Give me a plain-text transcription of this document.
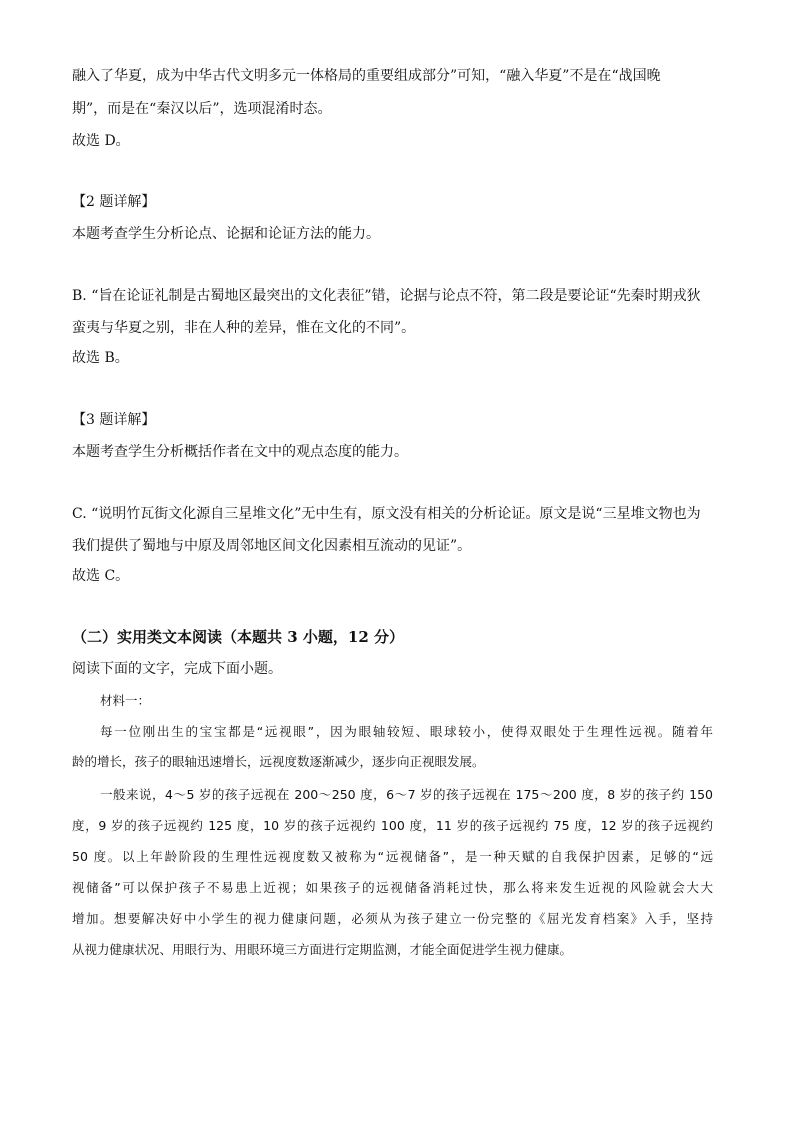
融入了华夏，成为中华古代文明多元一体格局的重要组成部分”可知，“融入华夏”不是在“战国晚
期”，而是在“秦汉以后”，选项混淆时态。
故选 D。
【2 题详解】
本题考查学生分析论点、论据和论证方法的能力。
B. “旨在论证礼制是古蜀地区最突出的文化表征”错，论据与论点不符，第二段是要论证“先秦时期戎狄
蛮夷与华夏之别，非在人种的差异，惟在文化的不同”。
故选 B。
【3 题详解】
本题考查学生分析概括作者在文中的观点态度的能力。
C. “说明竹瓦街文化源自三星堆文化”无中生有，原文没有相关的分析论证。原文是说“三星堆文物也为
我们提供了蜀地与中原及周邻地区间文化因素相互流动的见证”。
故选 C。
（二）实用类文本阅读（本题共 3 小题，12 分）
阅读下面的文字，完成下面小题。
材料一：
每一位刚出生的宝宝都是“远视眼”，因为眼轴较短、眼球较小，使得双眼处于生理性远视。随着年
龄的增长，孩子的眼轴迅速增长，远视度数逐渐减少，逐步向正视眼发展。
一般来说，4～5 岁的孩子远视在 200～250 度，6～7 岁的孩子远视在 175～200 度，8 岁的孩子约 150
度，9 岁的孩子远视约 125 度，10 岁的孩子远视约 100 度，11 岁的孩子远视约 75 度，12 岁的孩子远视约
50 度。以上年龄阶段的生理性远视度数又被称为“远视储备”，是一种天赋的自我保护因素，足够的“远
视储备”可以保护孩子不易患上近视；如果孩子的远视储备消耗过快，那么将来发生近视的风险就会大大
增加。想要解决好中小学生的视力健康问题，必须从为孩子建立一份完整的《屈光发育档案》入手，坚持
从视力健康状况、用眼行为、用眼环境三方面进行定期监测，才能全面促进学生视力健康。
